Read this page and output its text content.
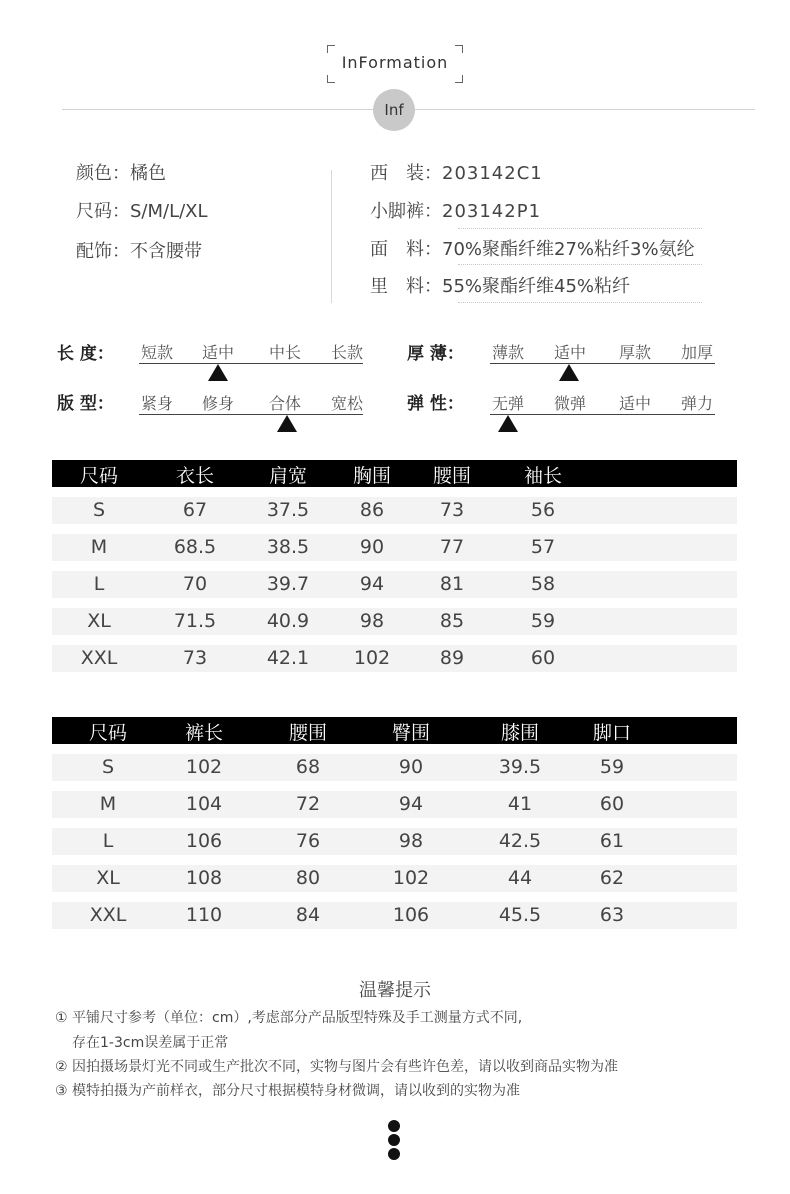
InFormation
Inf
颜色：橘色
尺码：S/M/L/XL
配饰：不含腰带
西　装：203142C1
小脚裤：203142P1
面　料：70%聚酯纤维27%粘纤3%氨纶
里　料：55%聚酯纤维45%粘纤
长 度： 短款 适中 中长 长款	厚 薄： 薄款 适中 厚款 加厚
版 型： 紧身 修身 合体 宽松	弹 性： 无弹 微弹 适中 弹力
尺码	衣长	肩宽 胸围 腰围	袖长
S	67	37.5	86	73	56
M	68.5	38.5	90	77	57
L	70	39.7	94	81	58
XL	71.5	40.9	98	85	59
XXL	73	42.1 102	89	60
尺码	裤长	腰围	臀围	膝围	脚口
S	102	68	90	39.5	59
M	104	72	94	41	60
L	106	76	98	42.5	61
XL	108	80	102	44	62
XXL	110	84	106	45.5	63
温馨提示
① 平铺尺寸参考（单位：cm）,考虑部分产品版型特殊及手工测量方式不同,
存在1-3cm误差属于正常
② 因拍摄场景灯光不同或生产批次不同，实物与图片会有些许色差，请以收到商品实物为准
③ 模特拍摄为产前样衣，部分尺寸根据模特身材微调，请以收到的实物为准
